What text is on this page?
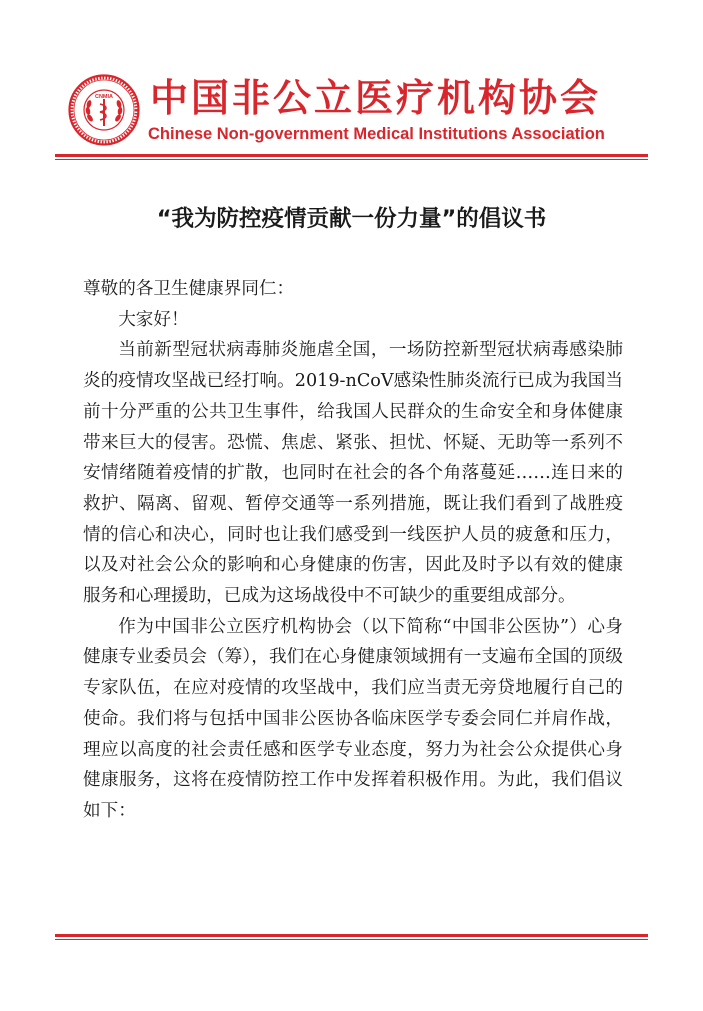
CNMIA 中国非公立医疗机构协会
Chinese Non-government Medical Institutions Association
“我为防控疫情贡献一份力量”的倡议书

尊敬的各卫生健康界同仁：

大家好！

当前新型冠状病毒肺炎施虐全国，一场防控新型冠状病毒感染肺炎的疫情攻坚战已经打响。2019-nCoV感染性肺炎流行已成为我国当前十分严重的公共卫生事件，给我国人民群众的生命安全和身体健康带来巨大的侵害。恐慌、焦虑、紧张、担忧、怀疑、无助等一系列不安情绪随着疫情的扩散，也同时在社会的各个角落蔓延……连日来的救护、隔离、留观、暂停交通等一系列措施，既让我们看到了战胜疫情的信心和决心，同时也让我们感受到一线医护人员的疲惫和压力，以及对社会公众的影响和心身健康的伤害，因此及时予以有效的健康服务和心理援助，已成为这场战役中不可缺少的重要组成部分。

作为中国非公立医疗机构协会（以下简称“中国非公医协”）心身健康专业委员会（筹），我们在心身健康领域拥有一支遍布全国的顶级专家队伍，在应对疫情的攻坚战中，我们应当责无旁贷地履行自己的使命。我们将与包括中国非公医协各临床医学专委会同仁并肩作战，理应以高度的社会责任感和医学专业态度，努力为社会公众提供心身健康服务，这将在疫情防控工作中发挥着积极作用。为此，我们倡议如下：
